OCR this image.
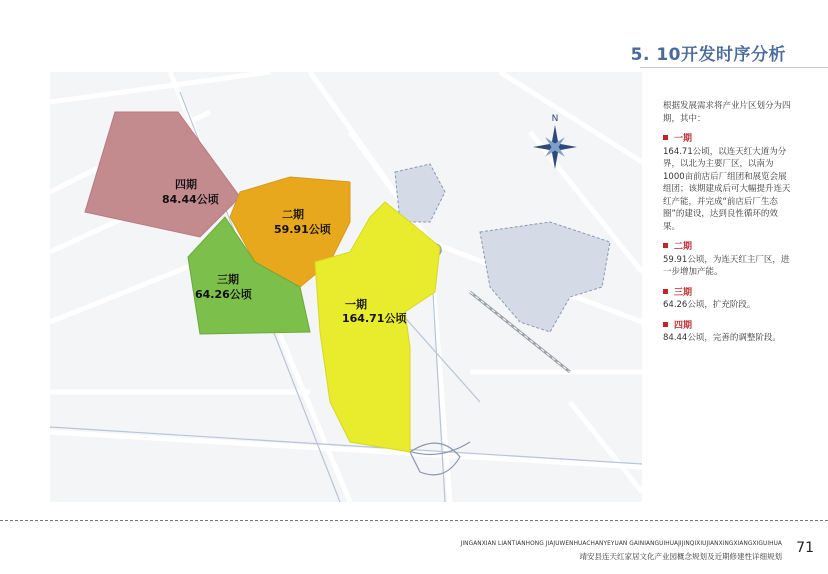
5. 10开发时序分析
N
四期
84.44公顷
二期
59.91公顷
三期
64.26公顷
一期
164.71公顷

根据发展需求将产业片区划分为四期，其中：

一期

164.71公顷，以连天红大道为分界，以北为主要厂区，以南为1000亩前店后厂组团和展览会展组团；该期建成后可大幅提升连天红产能，并完成“前店后厂生态圈”的建设，达到良性循环的效果。

二期

59.91公顷，为连天红主厂区，进一步增加产能。

三期

64.26公顷，扩充阶段。

四期

84.44公顷，完善的调整阶段。

JINGANXIAN LIANTIANHONG JIAJUWENHUACHANYEYUAN GAINIANGUIHUAJIJINQIXIUJIANXINGXIANGXIGUIHUA
靖安县连天红家居文化产业园概念规划及近期修建性详细规划
71
